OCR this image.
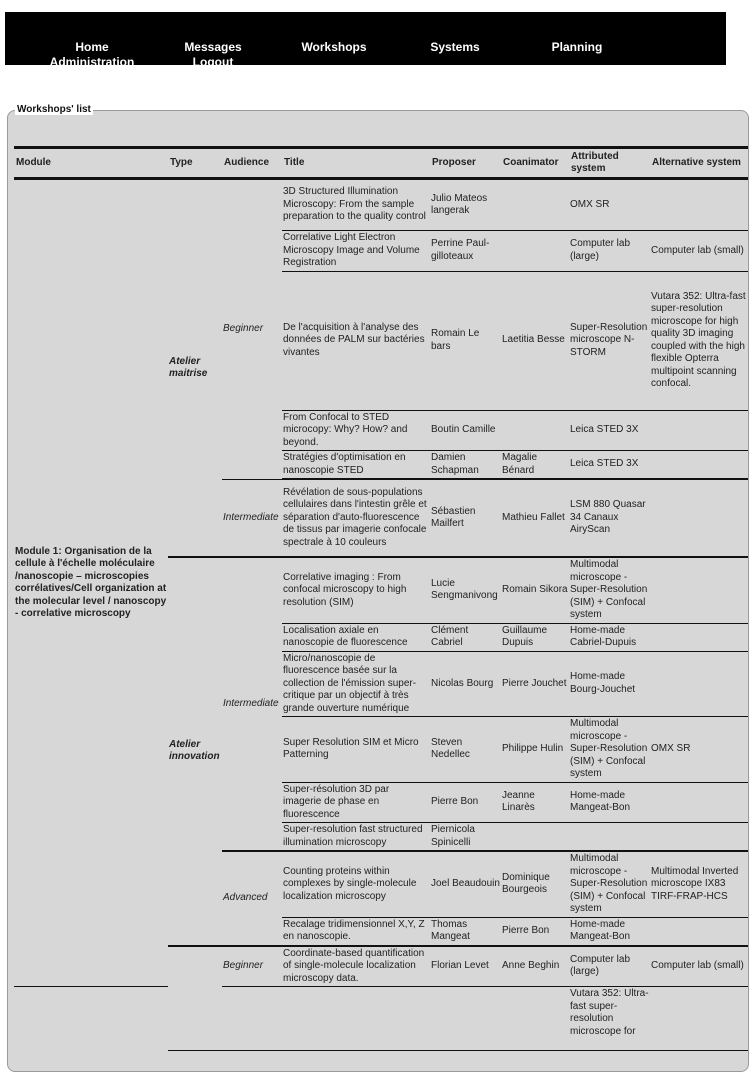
Home	Messages	Workshops	Systems	Planning
Administration	Logout
Workshops' list
Module	Type	Audience	Title	Proposer	Coanimator	Attributed system	Alternative system
Module 1: Organisation de la cellule à l'échelle moléculaire /nanoscopie – microscopies corrélatives/Cell organization at the molecular level / nanoscopy - correlative microscopy	Atelier maitrise	Beginner	3D Structured Illumination Microscopy: From the sample preparation to the quality control	Julio Mateos langerak		OMX SR	
			Correlative Light Electron Microscopy Image and Volume Registration	Perrine Paul-gilloteaux		Computer lab (large)	Computer lab (small)
			De l'acquisition à l'analyse des données de PALM sur bactéries vivantes	Romain Le bars	Laetitia Besse	Super-Resolution microscope N-STORM	Vutara 352: Ultra-fast super-resolution microscope for high quality 3D imaging coupled with the high flexible Opterra multipoint scanning confocal.
			From Confocal to STED microcopy: Why? How? and beyond.	Boutin Camille		Leica STED 3X	
			Stratégies d'optimisation en nanoscopie STED	Damien Schapman	Magalie Bénard	Leica STED 3X	
		Intermediate	Révélation de sous-populations cellulaires dans l'intestin grêle et séparation d'auto-fluorescence de tissus par imagerie confocale spectrale à 10 couleurs	Sébastien Mailfert	Mathieu Fallet	LSM 880 Quasar 34 Canaux AiryScan	
	Atelier innovation	Intermediate	Correlative imaging : From confocal microscopy to high resolution (SIM)	Lucie Sengmanivong	Romain Sikora	Multimodal microscope - Super-Resolution (SIM) + Confocal system	
			Localisation axiale en nanoscopie de fluorescence	Clément Cabriel	Guillaume Dupuis	Home-made Cabriel-Dupuis	
			Micro/nanoscopie de fluorescence basée sur la collection de l'émission super-critique par un objectif à très grande ouverture numérique	Nicolas Bourg	Pierre Jouchet	Home-made Bourg-Jouchet	
			Super Resolution SIM et Micro Patterning	Steven Nedellec	Philippe Hulin	Multimodal microscope - Super-Resolution (SIM) + Confocal system	OMX SR
			Super-résolution 3D par imagerie de phase en fluorescence	Pierre Bon	Jeanne Linarès	Home-made Mangeat-Bon	
			Super-resolution fast structured illumination microscopy	Piernicola Spinicelli			
		Advanced	Counting proteins within complexes by single-molecule localization microscopy	Joel Beaudouin	Dominique Bourgeois	Multimodal microscope - Super-Resolution (SIM) + Confocal system	Multimodal Inverted microscope IX83 TIRF-FRAP-HCS
			Recalage tridimensionnel X,Y, Z en nanoscopie.	Thomas Mangeat	Pierre Bon	Home-made Mangeat-Bon	
		Beginner	Coordinate-based quantification of single-molecule localization microscopy data.	Florian Levet	Anne Beghin	Computer lab (large)	Computer lab (small)
						Vutara 352: Ultra-fast super-resolution microscope for	
